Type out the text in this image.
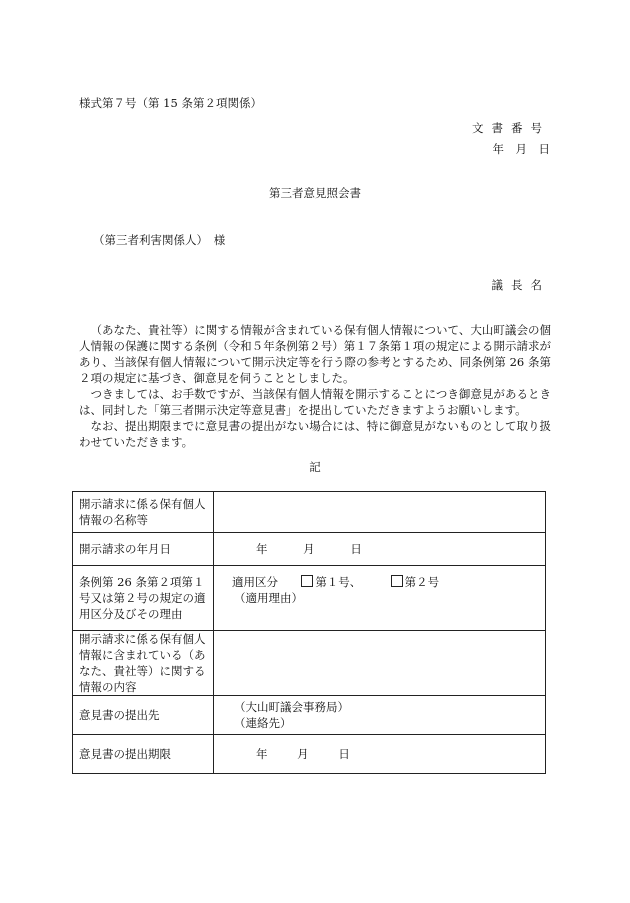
様式第７号（第 15 条第２項関係）
文書番号
年　月　日
第三者意見照会書
（第三者利害関係人）　様
議長名

（あなた、貴社等）に関する情報が含まれている保有個人情報について、大山町議会の個人情報の保護に関する条例（令和５年条例第２号）第１７条第１項の規定による開示請求があり、当該保有個人情報について開示決定等を行う際の参考とするため、同条例第 26 条第２項の規定に基づき、御意見を伺うこととしました。

つきましては、お手数ですが、当該保有個人情報を開示することにつき御意見があるときは、同封した「第三者開示決定等意見書」を提出していただきますようお願いします。

なお、提出期限までに意見書の提出がない場合には、特に御意見がないものとして取り扱わせていただきます。

記
開示請求に係る保有個人情報の名称等	
開示請求の年月日	年 月 日
条例第 26 条第２項第１号又は第２号の規定の適用区分及びその理由	適用区分 第１号、 第２号
（適用理由）

開示請求に係る保有個人情報に含まれている（あなた、貴社等）に関する情報の内容	
意見書の提出先	（大山町議会事務局）
（連絡先）

意見書の提出期限	年 月 日
